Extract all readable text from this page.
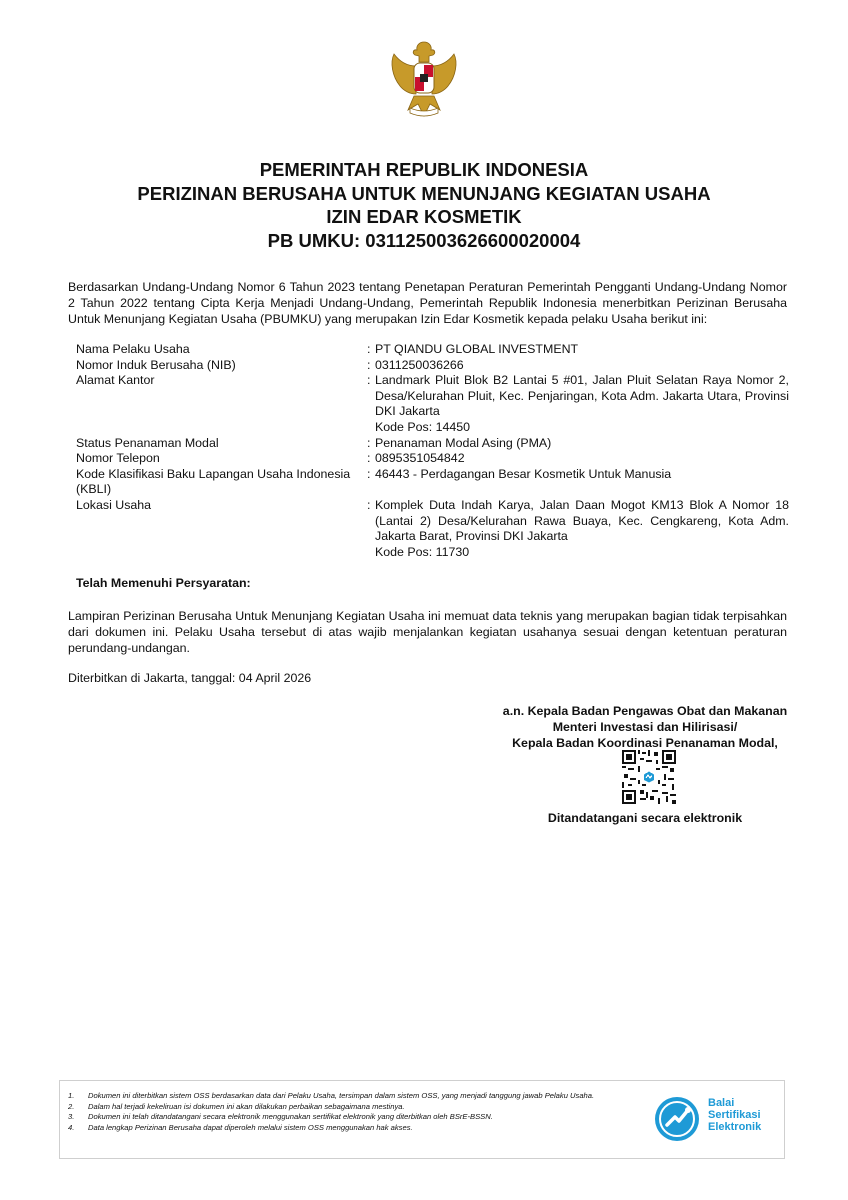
PEMERINTAH REPUBLIK INDONESIA
PERIZINAN BERUSAHA UNTUK MENUNJANG KEGIATAN USAHA
IZIN EDAR KOSMETIK
PB UMKU: 031125003626600020004
Berdasarkan Undang-Undang Nomor 6 Tahun 2023 tentang Penetapan Peraturan Pemerintah Pengganti Undang-Undang Nomor 2 Tahun 2022 tentang Cipta Kerja Menjadi Undang-Undang, Pemerintah Republik Indonesia menerbitkan Perizinan Berusaha Untuk Menunjang Kegiatan Usaha (PBUMKU) yang merupakan Izin Edar Kosmetik kepada pelaku Usaha berikut ini:
Nama Pelaku Usaha	:	PT QIANDU GLOBAL INVESTMENT

Nomor Induk Berusaha (NIB)	:	0311250036266

Alamat Kantor	:	Landmark Pluit Blok B2 Lantai 5 #01, Jalan Pluit Selatan Raya Nomor 2, Desa/Kelurahan Pluit, Kec. Penjaringan, Kota Adm. Jakarta Utara, Provinsi DKI Jakarta
Kode Pos: 14450

Status Penanaman Modal	:	Penanaman Modal Asing (PMA)

Nomor Telepon	:	0895351054842

Kode Klasifikasi Baku Lapangan Usaha Indonesia (KBLI)	:	46443 - Perdagangan Besar Kosmetik Untuk Manusia

Lokasi Usaha	:	Komplek Duta Indah Karya, Jalan Daan Mogot KM13 Blok A Nomor 18 (Lantai 2) Desa/Kelurahan Rawa Buaya, Kec. Cengkareng, Kota Adm. Jakarta Barat, Provinsi DKI Jakarta
Kode Pos: 11730
Telah Memenuhi Persyaratan:
Lampiran Perizinan Berusaha Untuk Menunjang Kegiatan Usaha ini memuat data teknis yang merupakan bagian tidak terpisahkan dari dokumen ini. Pelaku Usaha tersebut di atas wajib menjalankan kegiatan usahanya sesuai dengan ketentuan peraturan perundang-undangan.
Diterbitkan di Jakarta, tanggal: 04 April 2026
a.n. Kepala Badan Pengawas Obat dan Makanan
Menteri Investasi dan Hilirisasi/
Kepala Badan Koordinasi Penanaman Modal,
Ditandatangani secara elektronik
1. Dokumen ini diterbitkan sistem OSS berdasarkan data dari Pelaku Usaha, tersimpan dalam sistem OSS, yang menjadi tanggung jawab Pelaku Usaha.
2. Dalam hal terjadi kekeliruan isi dokumen ini akan dilakukan perbaikan sebagaimana mestinya.
3. Dokumen ini telah ditandatangani secara elektronik menggunakan sertifikat elektronik yang diterbitkan oleh BSrE-BSSN.
4. Data lengkap Perizinan Berusaha dapat diperoleh melalui sistem OSS menggunakan hak akses.
Balai
Sertifikasi
Elektronik
